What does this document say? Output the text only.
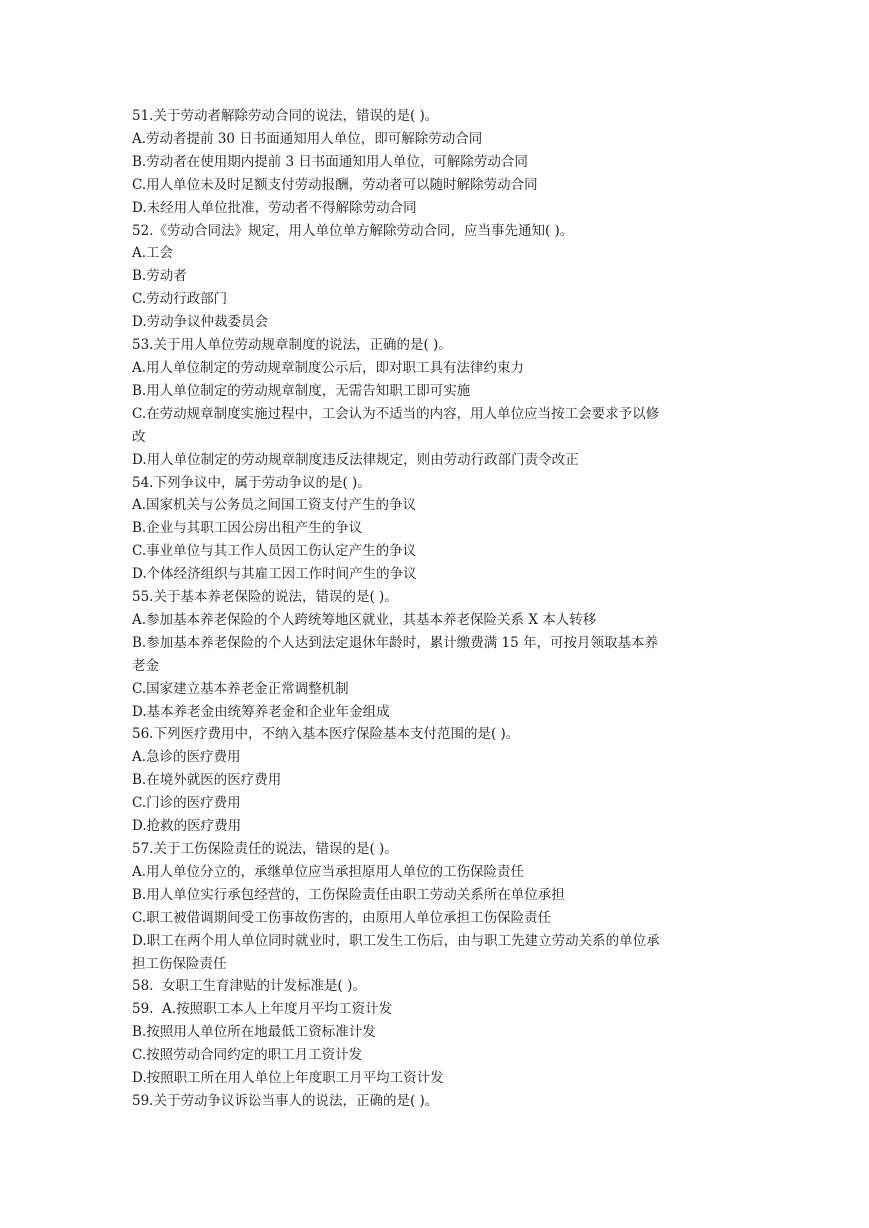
51.关于劳动者解除劳动合同的说法，错误的是( )。

A.劳动者提前 30 日书面通知用人单位，即可解除劳动合同

B.劳动者在使用期内提前 3 日书面通知用人单位，可解除劳动合同

C.用人单位未及时足额支付劳动报酬，劳动者可以随时解除劳动合同

D.未经用人单位批准，劳动者不得解除劳动合同

52.《劳动合同法》规定，用人单位单方解除劳动合同，应当事先通知( )。

A.工会

B.劳动者

C.劳动行政部门

D.劳动争议仲裁委员会

53.关于用人单位劳动规章制度的说法，正确的是( )。

A.用人单位制定的劳动规章制度公示后，即对职工具有法律约束力

B.用人单位制定的劳动规章制度，无需告知职工即可实施

C.在劳动规章制度实施过程中，工会认为不适当的内容，用人单位应当按工会要求予以修

改

D.用人单位制定的劳动规章制度违反法律规定，则由劳动行政部门责令改正

54.下列争议中，属于劳动争议的是( )。

A.国家机关与公务员之间国工资支付产生的争议

B.企业与其职工因公房出租产生的争议

C.事业单位与其工作人员因工伤认定产生的争议

D.个体经济组织与其雇工因工作时间产生的争议

55.关于基本养老保险的说法，错误的是( )。

A.参加基本养老保险的个人跨统筹地区就业，其基本养老保险关系 X 本人转移

B.参加基本养老保险的个人达到法定退休年龄时，累计缴费满 15 年，可按月领取基本养

老金

C.国家建立基本养老金正常调整机制

D.基本养老金由统筹养老金和企业年金组成

56.下列医疗费用中，不纳入基本医疗保险基本支付范围的是( )。

A.急诊的医疗费用

B.在境外就医的医疗费用

C.门诊的医疗费用

D.抢救的医疗费用

57.关于工伤保险责任的说法，错误的是( )。

A.用人单位分立的，承继单位应当承担原用人单位的工伤保险责任

B.用人单位实行承包经营的，工伤保险责任由职工劳动关系所在单位承担

C.职工被借调期间受工伤事故伤害的，由原用人单位承担工伤保险责任

D.职工在两个用人单位同时就业时，职工发生工伤后，由与职工先建立劳动关系的单位承

担工伤保险责任

58.  女职工生育津贴的计发标准是( )。

59.  A.按照职工本人上年度月平均工资计发

B.按照用人单位所在地最低工资标准计发

C.按照劳动合同约定的职工月工资计发

D.按照职工所在用人单位上年度职工月平均工资计发

59.关于劳动争议诉讼当事人的说法，正确的是( )。
